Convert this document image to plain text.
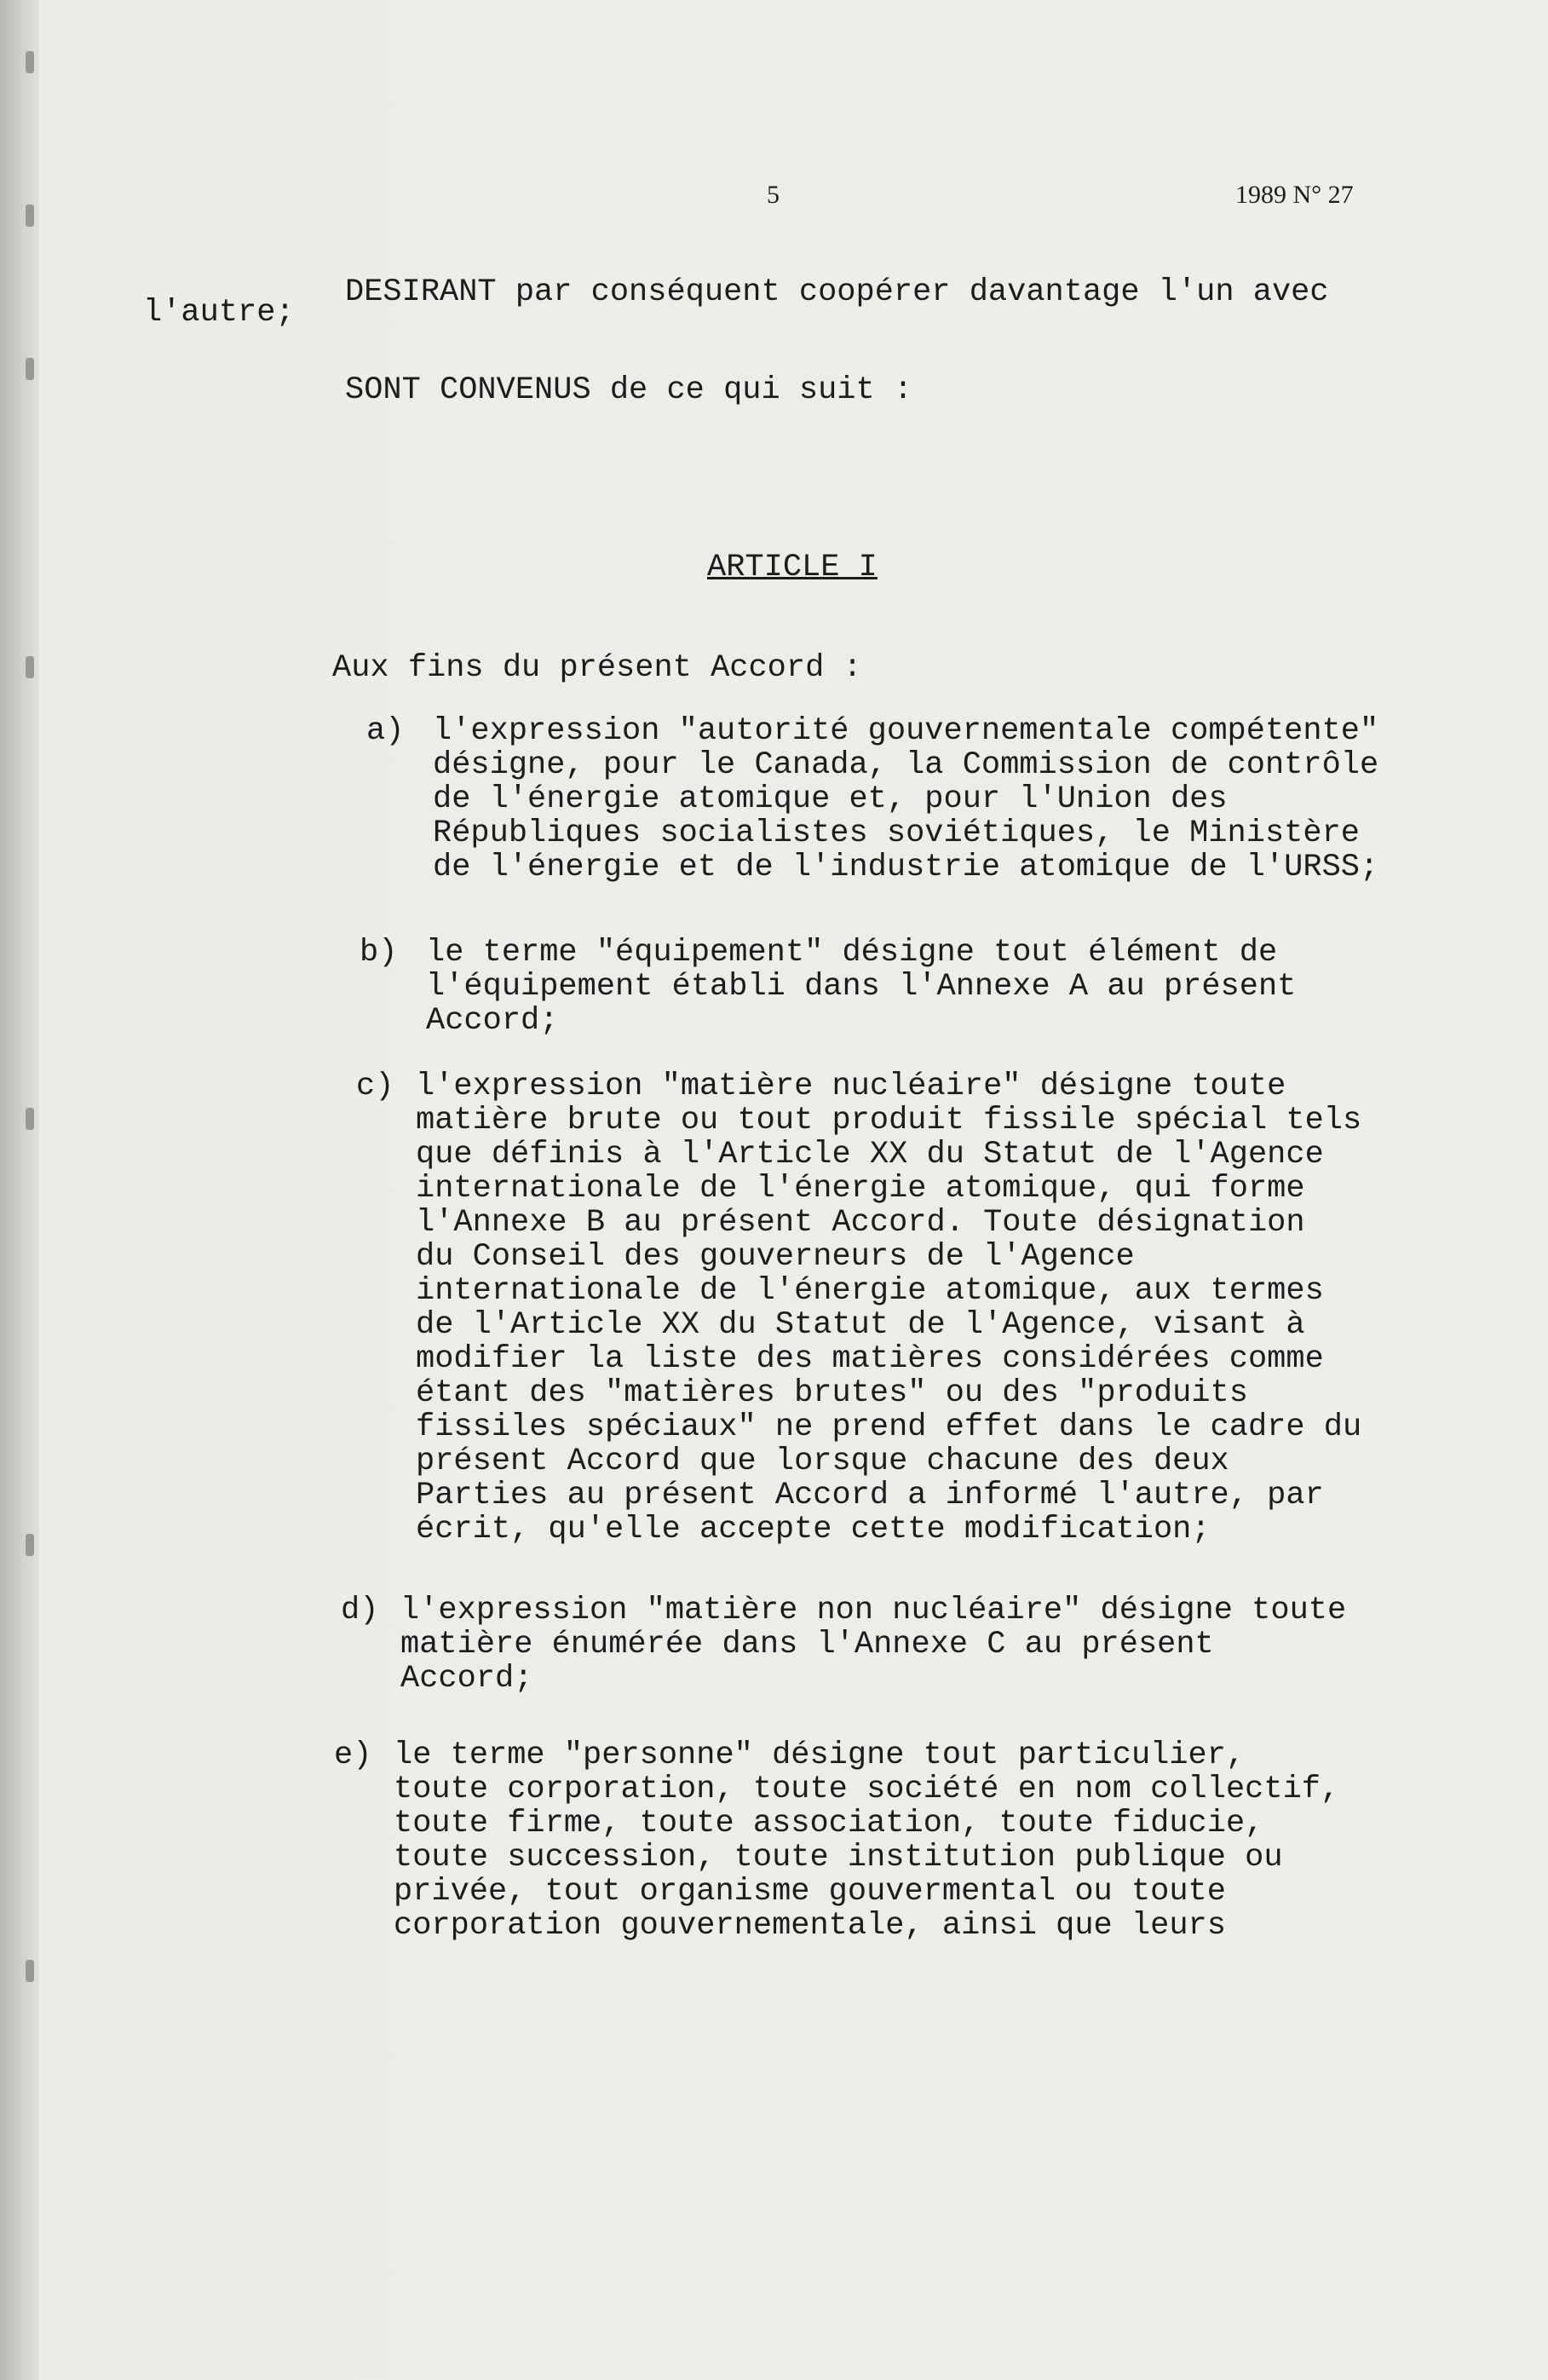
5	1989 N° 27
DESIRANT par conséquent coopérer davantage l'un avec
l'autre;
SONT CONVENUS de ce qui suit :
ARTICLE I
Aux fins du présent Accord :
a) l'expression "autorité gouvernementale compétente"
désigne, pour le Canada, la Commission de contrôle
de l'énergie atomique et, pour l'Union des
Républiques socialistes soviétiques, le Ministère
de l'énergie et de l'industrie atomique de l'URSS;
b) le terme "équipement" désigne tout élément de
l'équipement établi dans l'Annexe A au présent
Accord;
c) l'expression "matière nucléaire" désigne toute
matière brute ou tout produit fissile spécial tels
que définis à l'Article XX du Statut de l'Agence
internationale de l'énergie atomique, qui forme
l'Annexe B au présent Accord. Toute désignation
du Conseil des gouverneurs de l'Agence
internationale de l'énergie atomique, aux termes
de l'Article XX du Statut de l'Agence, visant à
modifier la liste des matières considérées comme
étant des "matières brutes" ou des "produits
fissiles spéciaux" ne prend effet dans le cadre du
présent Accord que lorsque chacune des deux
Parties au présent Accord a informé l'autre, par
écrit, qu'elle accepte cette modification;
d) l'expression "matière non nucléaire" désigne toute
matière énumérée dans l'Annexe C au présent
Accord;
e) le terme "personne" désigne tout particulier,
toute corporation, toute société en nom collectif,
toute firme, toute association, toute fiducie,
toute succession, toute institution publique ou
privée, tout organisme gouvermental ou toute
corporation gouvernementale, ainsi que leurs
